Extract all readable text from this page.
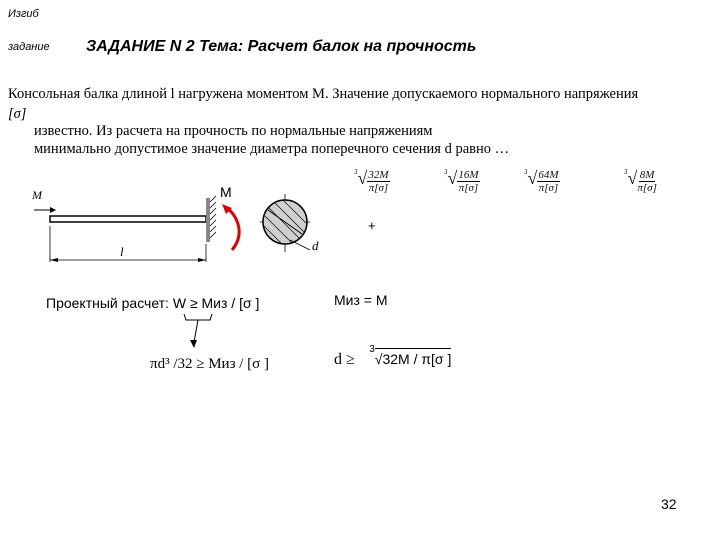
Изгиб
задание ЗАДАНИЕ N 2 Тема: Расчет балок на прочность
Консольная балка длиной l нагружена моментом M. Значение допускаемого нормального напряжения
[σ]
известно. Из расчета на прочность по нормальные напряжениям
минимально допустимое значение диаметра поперечного сечения d равно …
M	M
l	d
$^3√\frac{32M}{\pi[\sigma]}$	$^3√\frac{16M}{\pi[\sigma]}$	$^3√\frac{64M}{\pi[\sigma]}$	$^3√\frac{8M}{\pi[\sigma]}$
+
Проектный расчет: W ≥ Миз / [σ ]	Миз = М
πd³ /32 ≥ Миз / [σ ]	d ≥ $^3$√32М / π[σ ]
32
